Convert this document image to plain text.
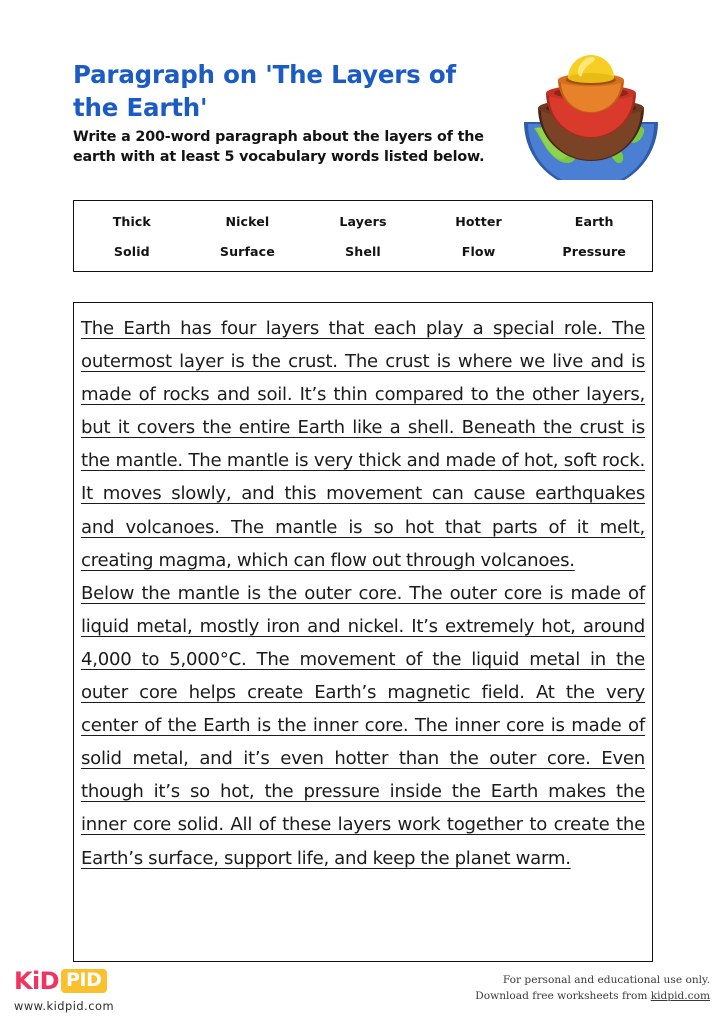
Paragraph on 'The Layers of the Earth'

Write a 200-word paragraph about the layers of the earth with at least 5 vocabulary words listed below.

Thick	Nickel	Layers	Hotter	Earth
Solid	Surface	Shell	Flow	Pressure

The Earth has four layers that each play a special role. The outermost layer is the crust. The crust is where we live and is made of rocks and soil. It’s thin compared to the other layers, but it covers the entire Earth like a shell. Beneath the crust is the mantle. The mantle is very thick and made of hot, soft rock. It moves slowly, and this movement can cause earthquakes and volcanoes. The mantle is so hot that parts of it melt, creating magma, which can flow out through volcanoes.

Below the mantle is the outer core. The outer core is made of liquid metal, mostly iron and nickel. It’s extremely hot, around 4,000 to 5,000°C. The movement of the liquid metal in the outer core helps create Earth’s magnetic field. At the very center of the Earth is the inner core. The inner core is made of solid metal, and it’s even hotter than the outer core. Even though it’s so hot, the pressure inside the Earth makes the inner core solid. All of these layers work together to create the Earth’s surface, support life, and keep the planet warm.

KiD PID
www.kidpid.com
For personal and educational use only.
Download free worksheets from kidpid.com
